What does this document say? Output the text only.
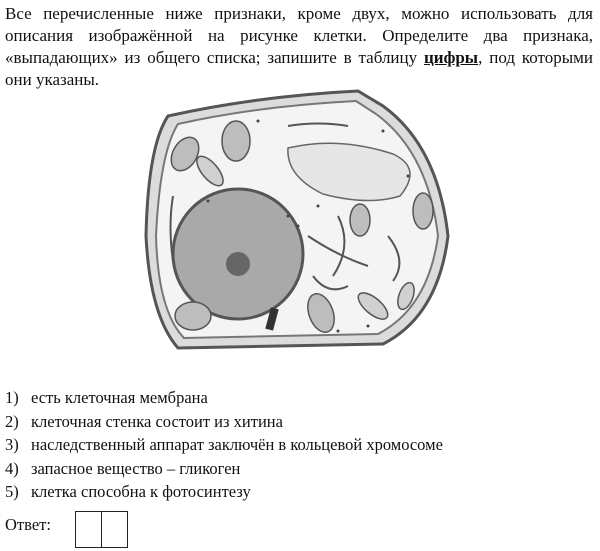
Все перечисленные ниже признаки, кроме двух, можно использовать для описания изображённой на рисунке клетки. Определите два признака, «выпадающих» из общего списка; запишите в таблицу цифры, под которыми они указаны.
1) есть клеточная мембрана
2) клеточная стенка состоит из хитина
3) наследственный аппарат заключён в кольцевой хромосоме
4) запасное вещество – гликоген
5) клетка способна к фотосинтезу
Ответ:
